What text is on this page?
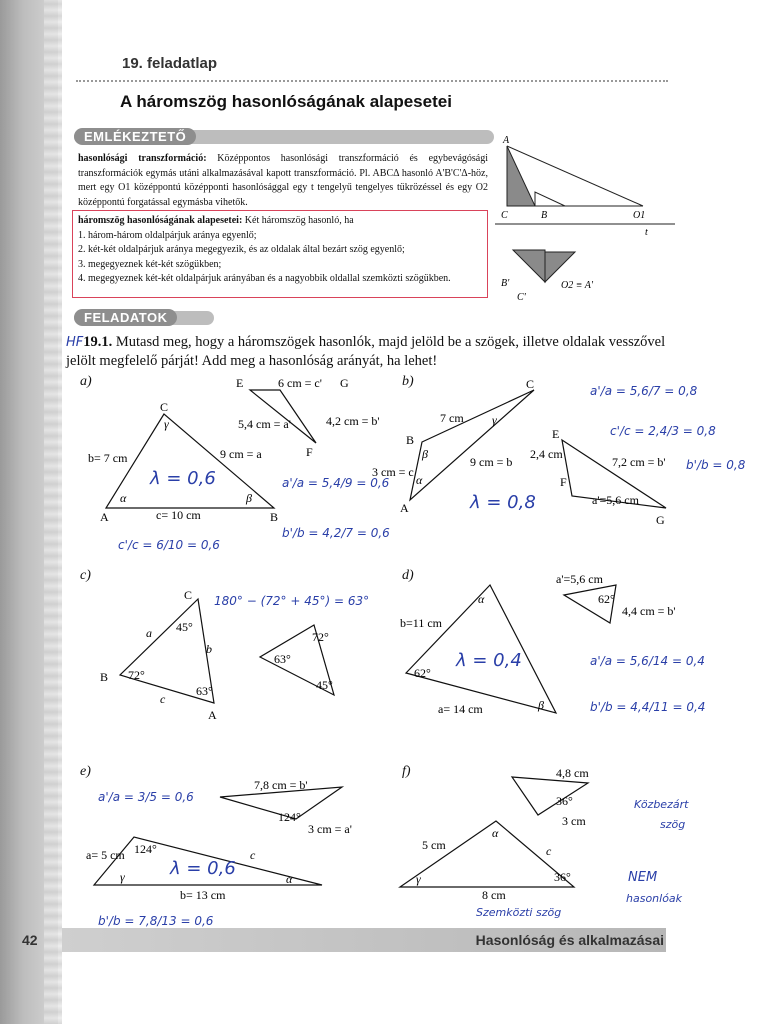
19. feladatlap
A háromszög hasonlóságának alapesetei
EMLÉKEZTETŐ
hasonlósági transzformáció: Középpontos hasonlósági transzformáció és egybevágósági transzformációk egymás utáni alkalmazásával kapott transzformáció. Pl. ABCΔ hasonló A'B'C'Δ-höz, mert egy O1 középpontú középponti hasonlósággal egy t tengelyű tengelyes tükrözéssel és egy O2 középpontú forgatással egymásba vihetők.
háromszög hasonlóságának alapesetei: Két háromszög hasonló, ha
1. három-három oldalpárjuk aránya egyenlő;
2. két-két oldalpárjuk aránya megegyezik, és az oldalak által bezárt szög egyenlő;
3. megegyeznek két-két szögükben;
4. megegyeznek két-két oldalpárjuk arányában és a nagyobbik oldallal szemközti szögükben.
A
C	B	O1
t
B'
C'
O2 ≡ A'
FELADATOK
HF19.1. Mutasd meg, hogy a háromszögek hasonlók, majd jelöld be a szögek, illetve oldalak vesszővel jelölt megfelelő párját! Add meg a hasonlóság arányát, ha lehet!
a)
C
A	B
α	β
γ
E	G
F
6 cm = c'
5,4 cm = a'	4,2 cm = b'
9 cm = a
b= 7 cm
c= 10 cm
λ = 0,6	a'/a = 5,4/9 = 0,6
b'/b = 4,2/7 = 0,6
c'/c = 6/10 = 0,6
b)	C
B
A
β
α
γ
7 cm
9 cm = b
3 cm = c
E
F
G
2,4 cm
7,2 cm = b'
a'=5,6 cm
λ = 0,8
a'/a = 5,6/7 = 0,8
c'/c = 2,4/3 = 0,8
b'/b = 0,8
c)
C
B
A
a
b
c
45°
72°
63°
72°
63°
45°
180° − (72° + 45°) = 63°
d)
α
β
62°
b=11 cm
a= 14 cm
a'=5,6 cm
62°
4,4 cm = b'
λ = 0,4	a'/a = 5,6/14 = 0,4
b'/b = 4,4/11 = 0,4
e)
7,8 cm = b'
124°
3 cm = a'
a= 5 cm 124°	c
γ	α
b= 13 cm
λ = 0,6
a'/a = 3/5 = 0,6
b'/b = 7,8/13 = 0,6
f)	4,8 cm
36°
3 cm
5 cm
α
c
γ	36°
8 cm
Közbezárt
szög
NEM
hasonlóak
Szemközti szög
42	Hasonlóság és alkalmazásai
